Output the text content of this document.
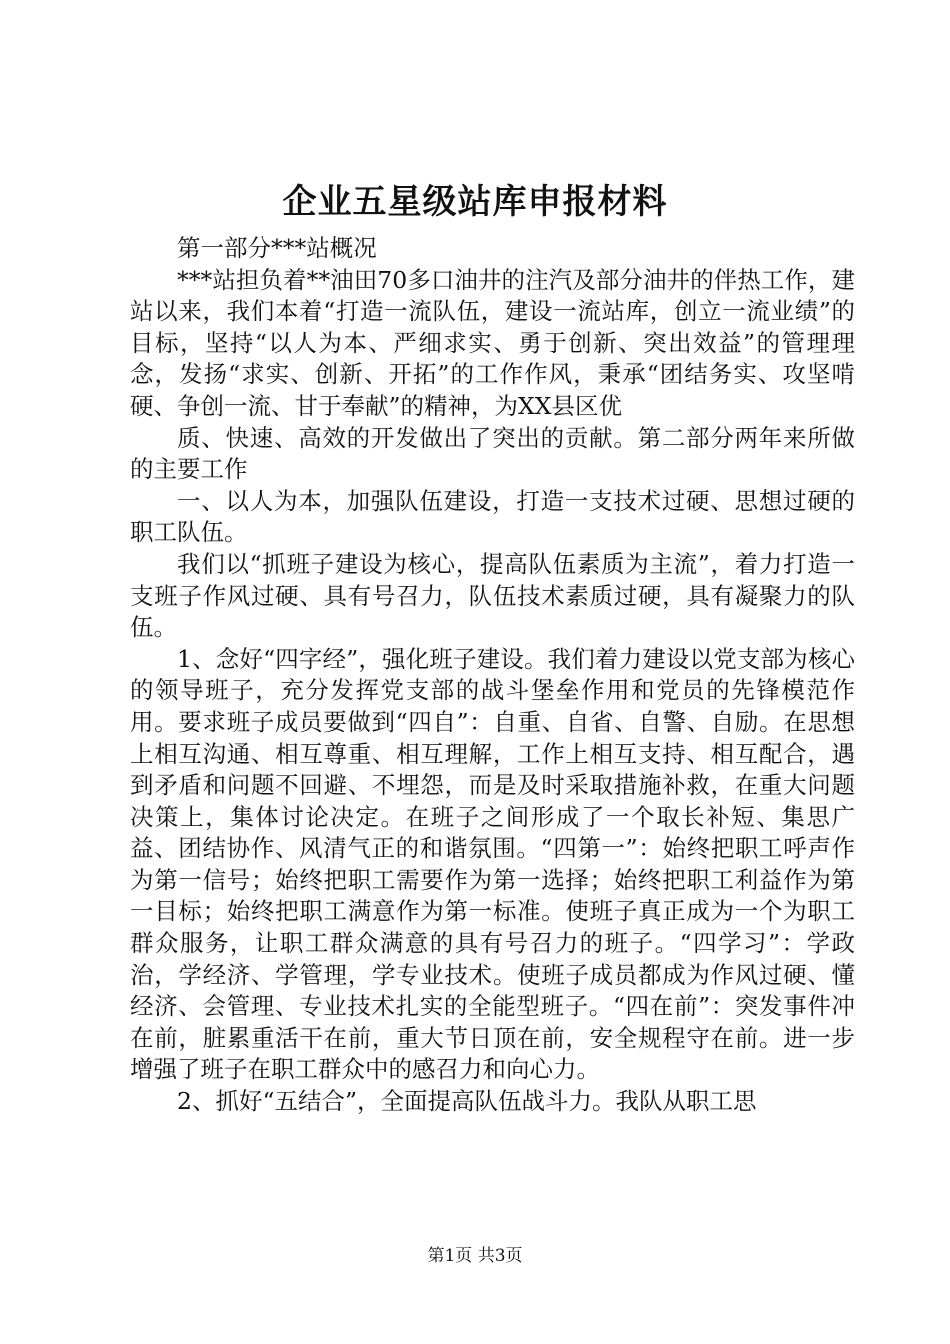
企业五星级站库申报材料

第一部分***站概况

***站担负着**油田70多口油井的注汽及部分油井的伴热工作，建站以来，我们本着“打造一流队伍，建设一流站库，创立一流业绩”的目标，坚持“以人为本、严细求实、勇于创新、突出效益”的管理理念，发扬“求实、创新、开拓”的工作作风，秉承“团结务实、攻坚啃硬、争创一流、甘于奉献”的精神，为XX县区优

质、快速、高效的开发做出了突出的贡献。第二部分两年来所做的主要工作

一、以人为本，加强队伍建设，打造一支技术过硬、思想过硬的职工队伍。

我们以“抓班子建设为核心，提高队伍素质为主流”，着力打造一支班子作风过硬、具有号召力，队伍技术素质过硬，具有凝聚力的队伍。

1、念好“四字经”，强化班子建设。我们着力建设以党支部为核心的领导班子，充分发挥党支部的战斗堡垒作用和党员的先锋模范作用。要求班子成员要做到“四自”：自重、自省、自警、自励。在思想上相互沟通、相互尊重、相互理解，工作上相互支持、相互配合，遇到矛盾和问题不回避、不埋怨，而是及时采取措施补救，在重大问题决策上，集体讨论决定。在班子之间形成了一个取长补短、集思广益、团结协作、风清气正的和谐氛围。“四第一”：始终把职工呼声作为第一信号；始终把职工需要作为第一选择；始终把职工利益作为第一目标；始终把职工满意作为第一标准。使班子真正成为一个为职工群众服务，让职工群众满意的具有号召力的班子。“四学习”：学政治，学经济、学管理，学专业技术。使班子成员都成为作风过硬、懂经济、会管理、专业技术扎实的全能型班子。“四在前”：突发事件冲在前，脏累重活干在前，重大节日顶在前，安全规程守在前。进一步增强了班子在职工群众中的感召力和向心力。

2、抓好“五结合”，全面提高队伍战斗力。我队从职工思

第1页 共3页
